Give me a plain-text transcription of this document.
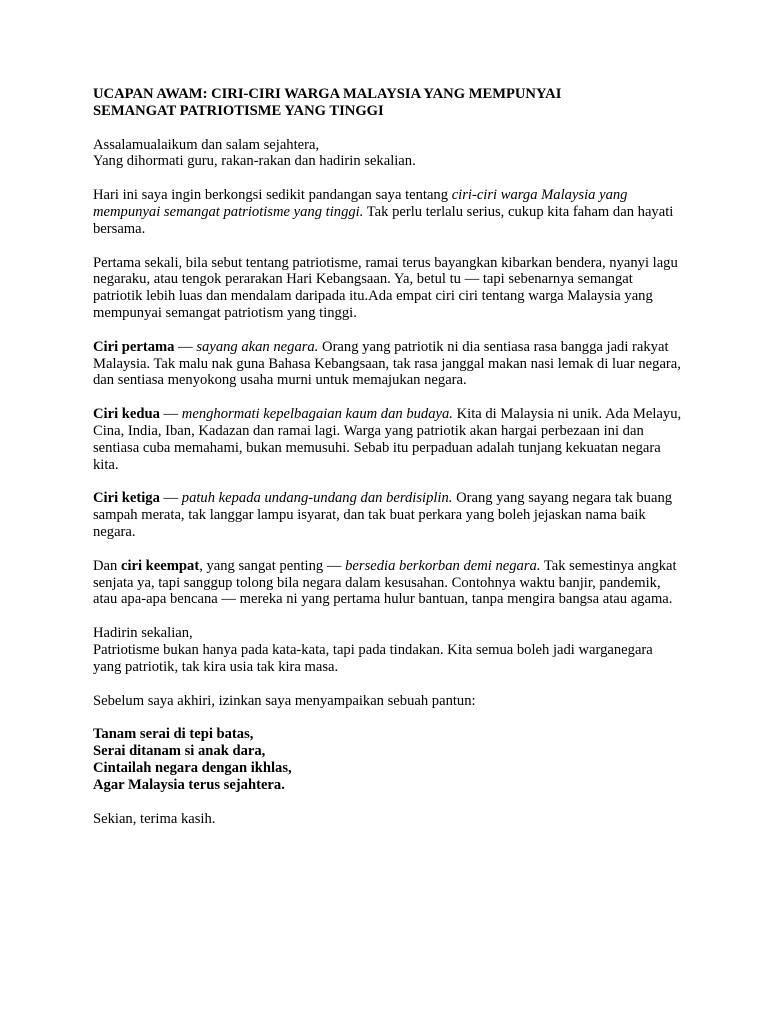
UCAPAN AWAM: CIRI-CIRI WARGA MALAYSIA YANG MEMPUNYAI
SEMANGAT PATRIOTISME YANG TINGGI

Assalamualaikum dan salam sejahtera,
Yang dihormati guru, rakan-rakan dan hadirin sekalian.

Hari ini saya ingin berkongsi sedikit pandangan saya tentang ciri-ciri warga Malaysia yang mempunyai semangat patriotisme yang tinggi. Tak perlu terlalu serius, cukup kita faham dan hayati bersama.

Pertama sekali, bila sebut tentang patriotisme, ramai terus bayangkan kibarkan bendera, nyanyi lagu negaraku, atau tengok perarakan Hari Kebangsaan. Ya, betul tu — tapi sebenarnya semangat patriotik lebih luas dan mendalam daripada itu.Ada empat ciri ciri tentang warga Malaysia yang mempunyai semangat patriotism yang tinggi.

Ciri pertama — sayang akan negara. Orang yang patriotik ni dia sentiasa rasa bangga jadi rakyat Malaysia. Tak malu nak guna Bahasa Kebangsaan, tak rasa janggal makan nasi lemak di luar negara, dan sentiasa menyokong usaha murni untuk memajukan negara.

Ciri kedua — menghormati kepelbagaian kaum dan budaya. Kita di Malaysia ni unik. Ada Melayu, Cina, India, Iban, Kadazan dan ramai lagi. Warga yang patriotik akan hargai perbezaan ini dan sentiasa cuba memahami, bukan memusuhi. Sebab itu perpaduan adalah tunjang kekuatan negara kita.

Ciri ketiga — patuh kepada undang-undang dan berdisiplin. Orang yang sayang negara tak buang sampah merata, tak langgar lampu isyarat, dan tak buat perkara yang boleh jejaskan nama baik negara.

Dan ciri keempat, yang sangat penting — bersedia berkorban demi negara. Tak semestinya angkat senjata ya, tapi sanggup tolong bila negara dalam kesusahan. Contohnya waktu banjir, pandemik, atau apa-apa bencana — mereka ni yang pertama hulur bantuan, tanpa mengira bangsa atau agama.

Hadirin sekalian,
Patriotisme bukan hanya pada kata-kata, tapi pada tindakan. Kita semua boleh jadi warganegara yang patriotik, tak kira usia tak kira masa.

Sebelum saya akhiri, izinkan saya menyampaikan sebuah pantun:

Tanam serai di tepi batas,
Serai ditanam si anak dara,
Cintailah negara dengan ikhlas,
Agar Malaysia terus sejahtera.

Sekian, terima kasih.
